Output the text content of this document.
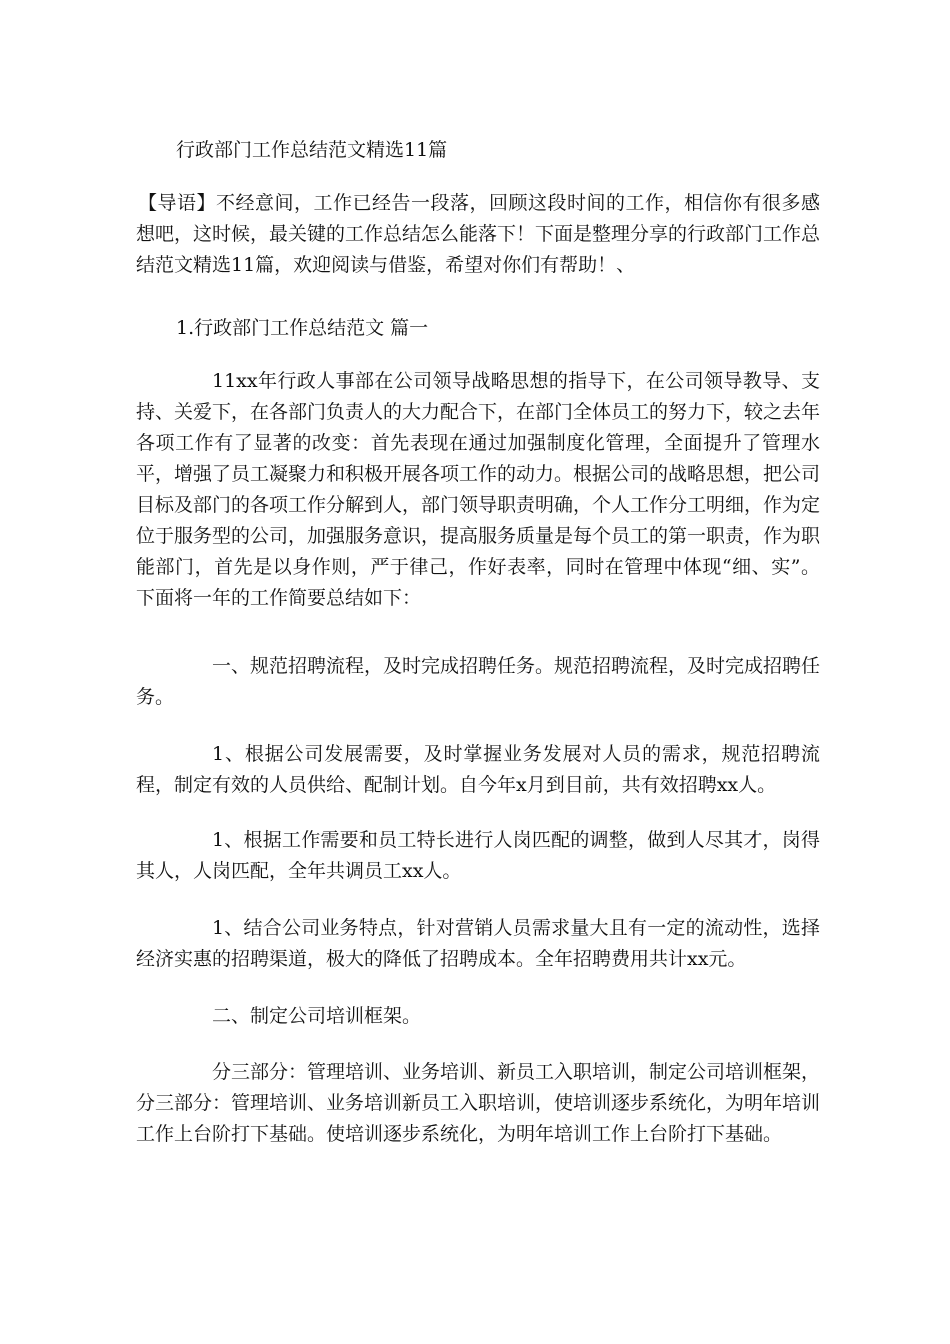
行政部门工作总结范文精选11篇

【导语】不经意间，工作已经告一段落，回顾这段时间的工作，相信你有很多感想吧，这时候，最关键的工作总结怎么能落下！下面是整理分享的行政部门工作总结范文精选11篇，欢迎阅读与借鉴，希望对你们有帮助！、

1.行政部门工作总结范文 篇一

11xx年行政人事部在公司领导战略思想的指导下，在公司领导教导、支持、关爱下，在各部门负责人的大力配合下，在部门全体员工的努力下，较之去年各项工作有了显著的改变：首先表现在通过加强制度化管理，全面提升了管理水平，增强了员工凝聚力和积极开展各项工作的动力。根据公司的战略思想，把公司目标及部门的各项工作分解到人，部门领导职责明确，个人工作分工明细，作为定位于服务型的公司，加强服务意识，提高服务质量是每个员工的第一职责，作为职能部门，首先是以身作则，严于律己，作好表率，同时在管理中体现“细、实”。下面将一年的工作简要总结如下：

一、规范招聘流程，及时完成招聘任务。规范招聘流程，及时完成招聘任务。

1、根据公司发展需要，及时掌握业务发展对人员的需求，规范招聘流程，制定有效的人员供给、配制计划。自今年x月到目前，共有效招聘xx人。

1、根据工作需要和员工特长进行人岗匹配的调整，做到人尽其才，岗得其人，人岗匹配，全年共调员工xx人。

1、结合公司业务特点，针对营销人员需求量大且有一定的流动性，选择经济实惠的招聘渠道，极大的降低了招聘成本。全年招聘费用共计xx元。

二、制定公司培训框架。

分三部分：管理培训、业务培训、新员工入职培训，制定公司培训框架，分三部分：管理培训、业务培训新员工入职培训，使培训逐步系统化，为明年培训工作上台阶打下基础。使培训逐步系统化，为明年培训工作上台阶打下基础。
